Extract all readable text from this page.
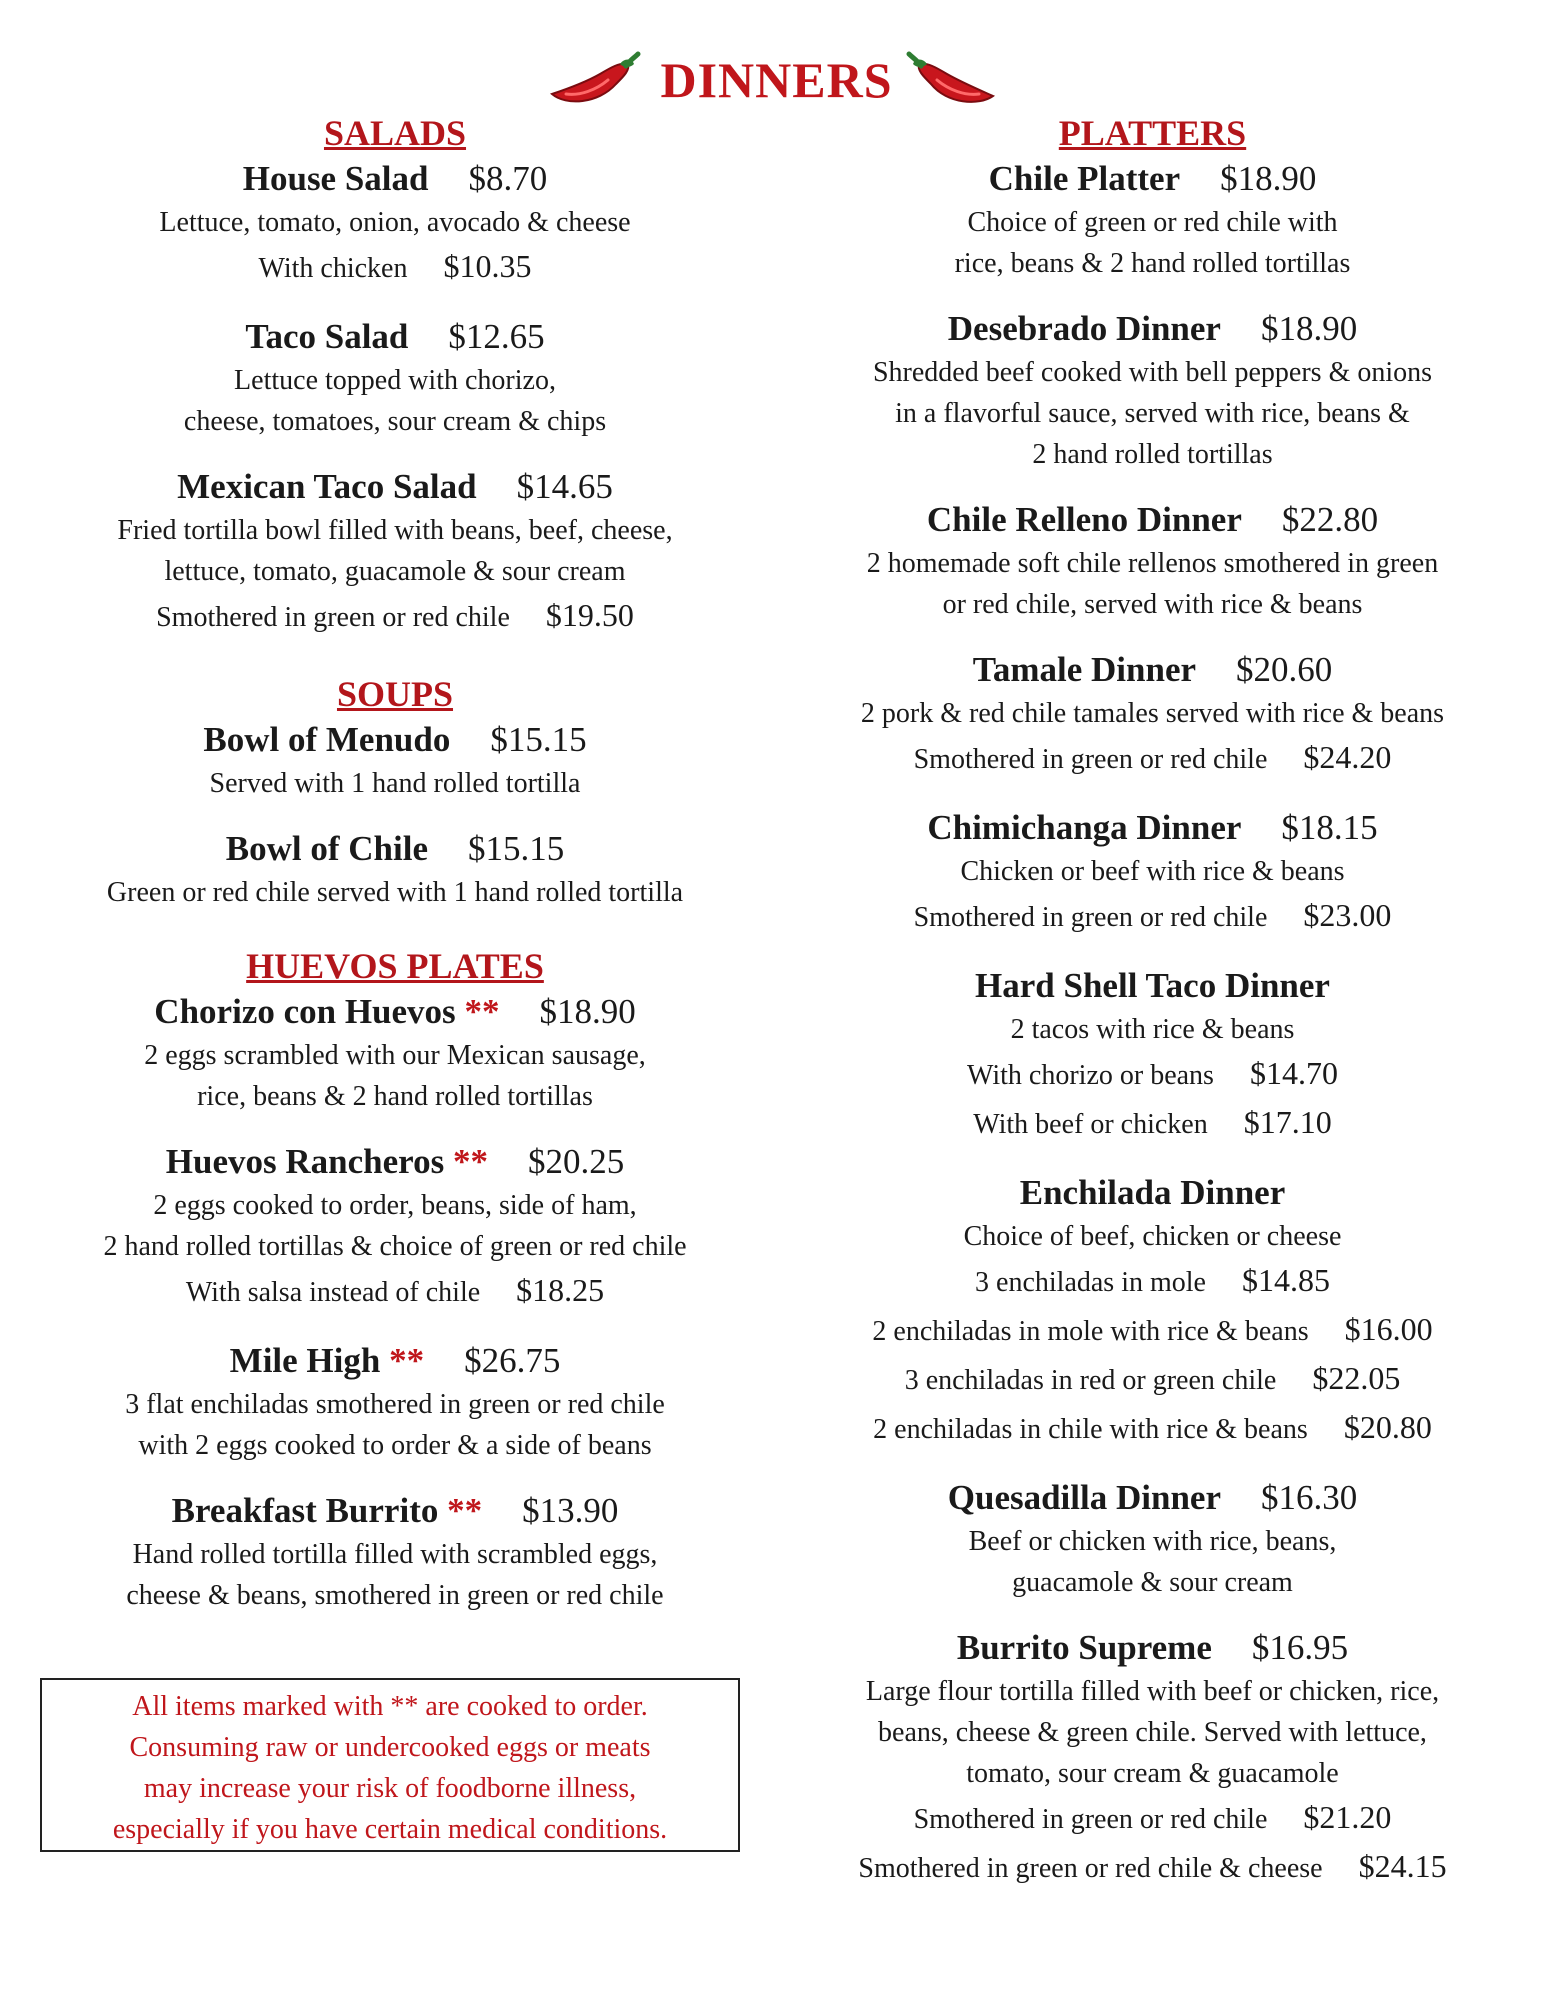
DINNERS
SALADS
House Salad $8.70
Lettuce, tomato, onion, avocado & cheese
With chicken $10.35
Taco Salad $12.65
Lettuce topped with chorizo,
cheese, tomatoes, sour cream & chips
Mexican Taco Salad $14.65
Fried tortilla bowl filled with beans, beef, cheese,
lettuce, tomato, guacamole & sour cream
Smothered in green or red chile $19.50
SOUPS
Bowl of Menudo $15.15
Served with 1 hand rolled tortilla
Bowl of Chile $15.15
Green or red chile served with 1 hand rolled tortilla
HUEVOS PLATES
Chorizo con Huevos ** $18.90
2 eggs scrambled with our Mexican sausage,
rice, beans & 2 hand rolled tortillas
Huevos Rancheros ** $20.25
2 eggs cooked to order, beans, side of ham,
2 hand rolled tortillas & choice of green or red chile
With salsa instead of chile $18.25
Mile High ** $26.75
3 flat enchiladas smothered in green or red chile
with 2 eggs cooked to order & a side of beans
Breakfast Burrito ** $13.90
Hand rolled tortilla filled with scrambled eggs,
cheese & beans, smothered in green or red chile
All items marked with ** are cooked to order.
Consuming raw or undercooked eggs or meats
may increase your risk of foodborne illness,
especially if you have certain medical conditions.
PLATTERS
Chile Platter $18.90
Choice of green or red chile with
rice, beans & 2 hand rolled tortillas
Desebrado Dinner $18.90
Shredded beef cooked with bell peppers & onions
in a flavorful sauce, served with rice, beans &
2 hand rolled tortillas
Chile Relleno Dinner $22.80
2 homemade soft chile rellenos smothered in green
or red chile, served with rice & beans
Tamale Dinner $20.60
2 pork & red chile tamales served with rice & beans
Smothered in green or red chile $24.20
Chimichanga Dinner $18.15
Chicken or beef with rice & beans
Smothered in green or red chile $23.00
Hard Shell Taco Dinner
2 tacos with rice & beans
With chorizo or beans $14.70
With beef or chicken $17.10
Enchilada Dinner
Choice of beef, chicken or cheese
3 enchiladas in mole $14.85
2 enchiladas in mole with rice & beans $16.00
3 enchiladas in red or green chile $22.05
2 enchiladas in chile with rice & beans $20.80
Quesadilla Dinner $16.30
Beef or chicken with rice, beans,
guacamole & sour cream
Burrito Supreme $16.95
Large flour tortilla filled with beef or chicken, rice,
beans, cheese & green chile. Served with lettuce,
tomato, sour cream & guacamole
Smothered in green or red chile $21.20
Smothered in green or red chile & cheese $24.15
